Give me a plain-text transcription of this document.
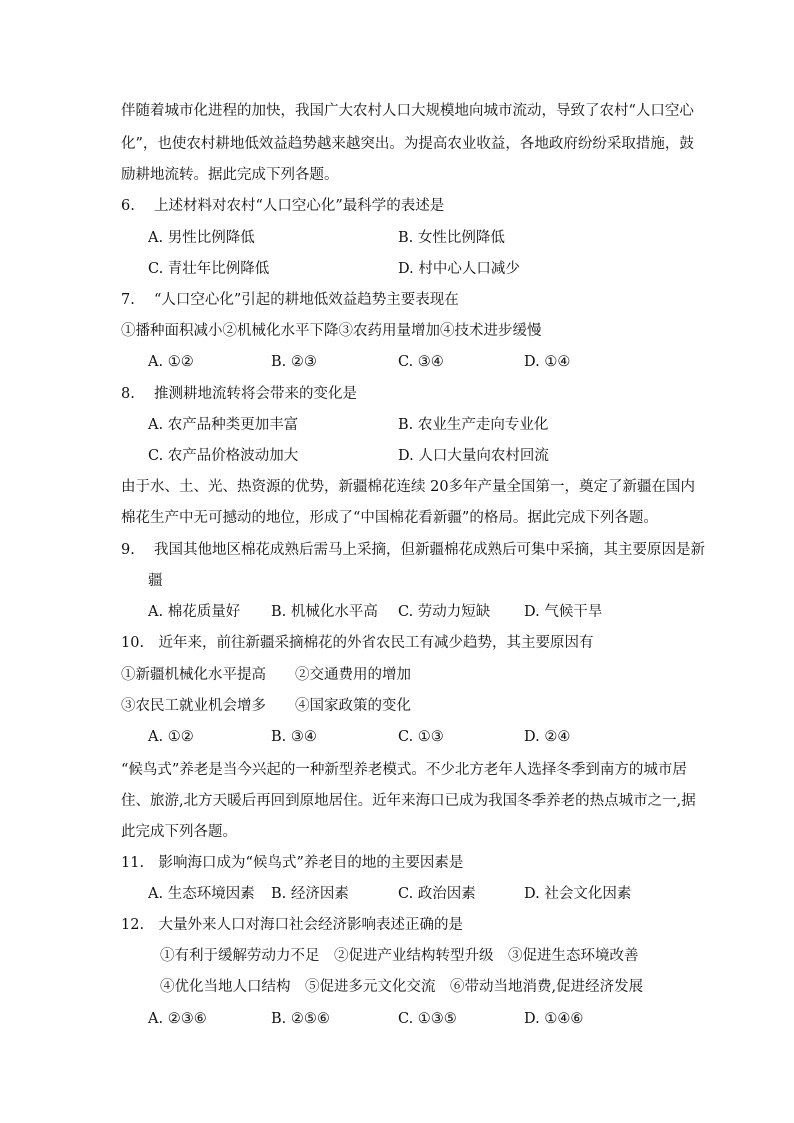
伴随着城市化进程的加快，我国广大农村人口大规模地向城市流动，导致了农村“人口空心
化”，也使农村耕地低效益趋势越来越突出。为提高农业收益，各地政府纷纷采取措施，鼓
励耕地流转。据此完成下列各题。
6.　 上述材料对农村“人口空心化”最科学的表述是
A. 男性比例降低	B. 女性比例降低
C. 青壮年比例降低	D. 村中心人口减少
7.　 “人口空心化”引起的耕地低效益趋势主要表现在
①播种面积减小②机械化水平下降③农药用量增加④技术进步缓慢
A. ①②	B. ②③	C. ③④	D. ①④
8.　 推测耕地流转将会带来的变化是
A. 农产品种类更加丰富	B. 农业生产走向专业化
C. 农产品价格波动加大	D. 人口大量向农村回流
由于水、土、光、热资源的优势，新疆棉花连续 20多年产量全国第一，奠定了新疆在国内
棉花生产中无可撼动的地位，形成了“中国棉花看新疆”的格局。据此完成下列各题。
9.　 我国其他地区棉花成熟后需马上采摘，但新疆棉花成熟后可集中采摘，其主要原因是新
疆
A. 棉花质量好 B. 机械化水平高 C. 劳动力短缺 D. 气候干旱
10.　近年来，前往新疆采摘棉花的外省农民工有减少趋势，其主要原因有
①新疆机械化水平提高　　②交通费用的增加
③农民工就业机会增多　　④国家政策的变化
A. ①②	B. ③④	C. ①③	D. ②④
“候鸟式”养老是当今兴起的一种新型养老模式。不少北方老年人选择冬季到南方的城市居
住、旅游,北方天暖后再回到原地居住。近年来海口已成为我国冬季养老的热点城市之一,据
此完成下列各题。
11.　影响海口成为“候鸟式”养老目的地的主要因素是
A. 生态环境因素 B. 经济因素	C. 政治因素	D. 社会文化因素
12.　大量外来人口对海口社会经济影响表述正确的是
①有利于缓解劳动力不足　②促进产业结构转型升级　③促进生态环境改善
④优化当地人口结构　⑤促进多元文化交流　⑥带动当地消费,促进经济发展
A. ②③⑥	B. ②⑤⑥	C. ①③⑤	D. ①④⑥
